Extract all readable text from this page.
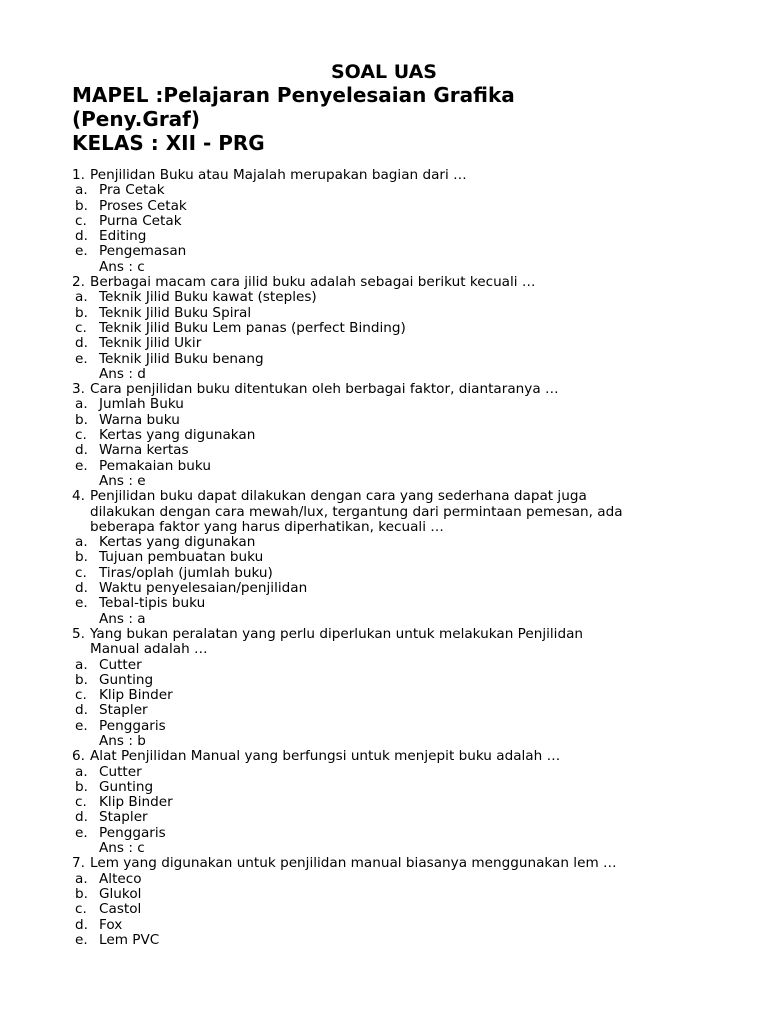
SOAL UAS
MAPEL :Pelajaran Penyelesaian Grafika
(Peny.Graf)
KELAS : XII - PRG
1. Penjilidan Buku atau Majalah merupakan bagian dari …
a. Pra Cetak
b. Proses Cetak
c. Purna Cetak
d. Editing
e. Pengemasan
Ans : c
2. Berbagai macam cara jilid buku adalah sebagai berikut kecuali …
a. Teknik Jilid Buku kawat (steples)
b. Teknik Jilid Buku Spiral
c. Teknik Jilid Buku Lem panas (perfect Binding)
d. Teknik Jilid Ukir
e. Teknik Jilid Buku benang
Ans : d
3. Cara penjilidan buku ditentukan oleh berbagai faktor, diantaranya …
a. Jumlah Buku
b. Warna buku
c. Kertas yang digunakan
d. Warna kertas
e. Pemakaian buku
Ans : e
4. Penjilidan buku dapat dilakukan dengan cara yang sederhana dapat juga
dilakukan dengan cara mewah/lux, tergantung dari permintaan pemesan, ada
beberapa faktor yang harus diperhatikan, kecuali …
a. Kertas yang digunakan
b. Tujuan pembuatan buku
c. Tiras/oplah (jumlah buku)
d. Waktu penyelesaian/penjilidan
e. Tebal-tipis buku
Ans : a
5. Yang bukan peralatan yang perlu diperlukan untuk melakukan Penjilidan
Manual adalah …
a. Cutter
b. Gunting
c. Klip Binder
d. Stapler
e. Penggaris
Ans : b
6. Alat Penjilidan Manual yang berfungsi untuk menjepit buku adalah …
a. Cutter
b. Gunting
c. Klip Binder
d. Stapler
e. Penggaris
Ans : c
7. Lem yang digunakan untuk penjilidan manual biasanya menggunakan lem …
a. Alteco
b. Glukol
c. Castol
d. Fox
e. Lem PVC
